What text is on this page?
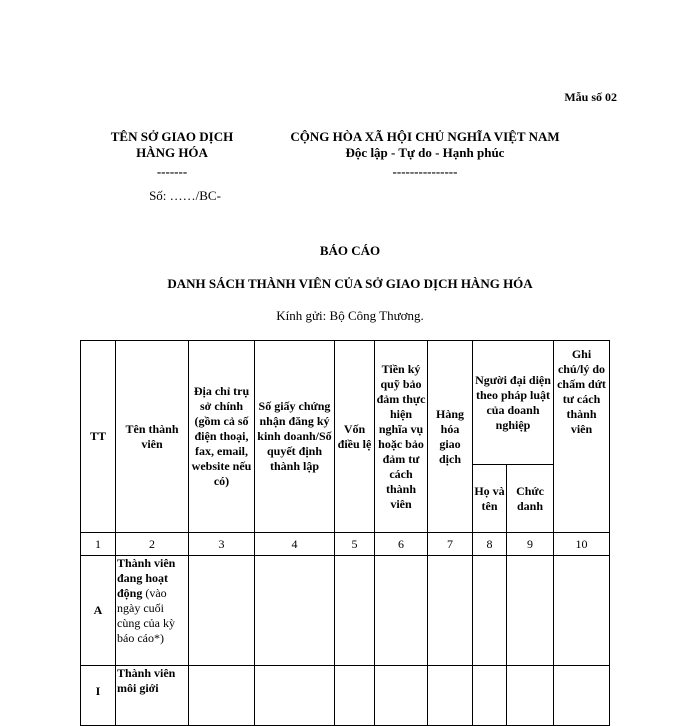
Mẫu số 02
TÊN SỞ GIAO DỊCH
HÀNG HÓA
-------
Số: ……/BC-
CỘNG HÒA XÃ HỘI CHỦ NGHĨA VIỆT NAM
Độc lập - Tự do - Hạnh phúc
---------------
BÁO CÁO
DANH SÁCH THÀNH VIÊN CỦA SỞ GIAO DỊCH HÀNG HÓA
Kính gửi: Bộ Công Thương.
TT	Tên thành viên	Địa chỉ trụ sở chính (gồm cả số điện thoại, fax, email, website nếu có)	Số giấy chứng nhận đăng ký kinh doanh/Số quyết định thành lập	Vốn điều lệ	Tiền ký quỹ bảo đảm thực hiện nghĩa vụ hoặc bảo đảm tư cách thành viên	Hàng hóa giao dịch	Người đại diện theo pháp luật của doanh nghiệp		Ghi chú/lý do chấm dứt tư cách thành viên
							Họ và tên	Chức danh	
1	2	3	4	5	6	7	8	9	10
A	Thành viên đang hoạt động (vào ngày cuối cùng của kỳ báo cáo*)								
I	Thành viên môi giới								
